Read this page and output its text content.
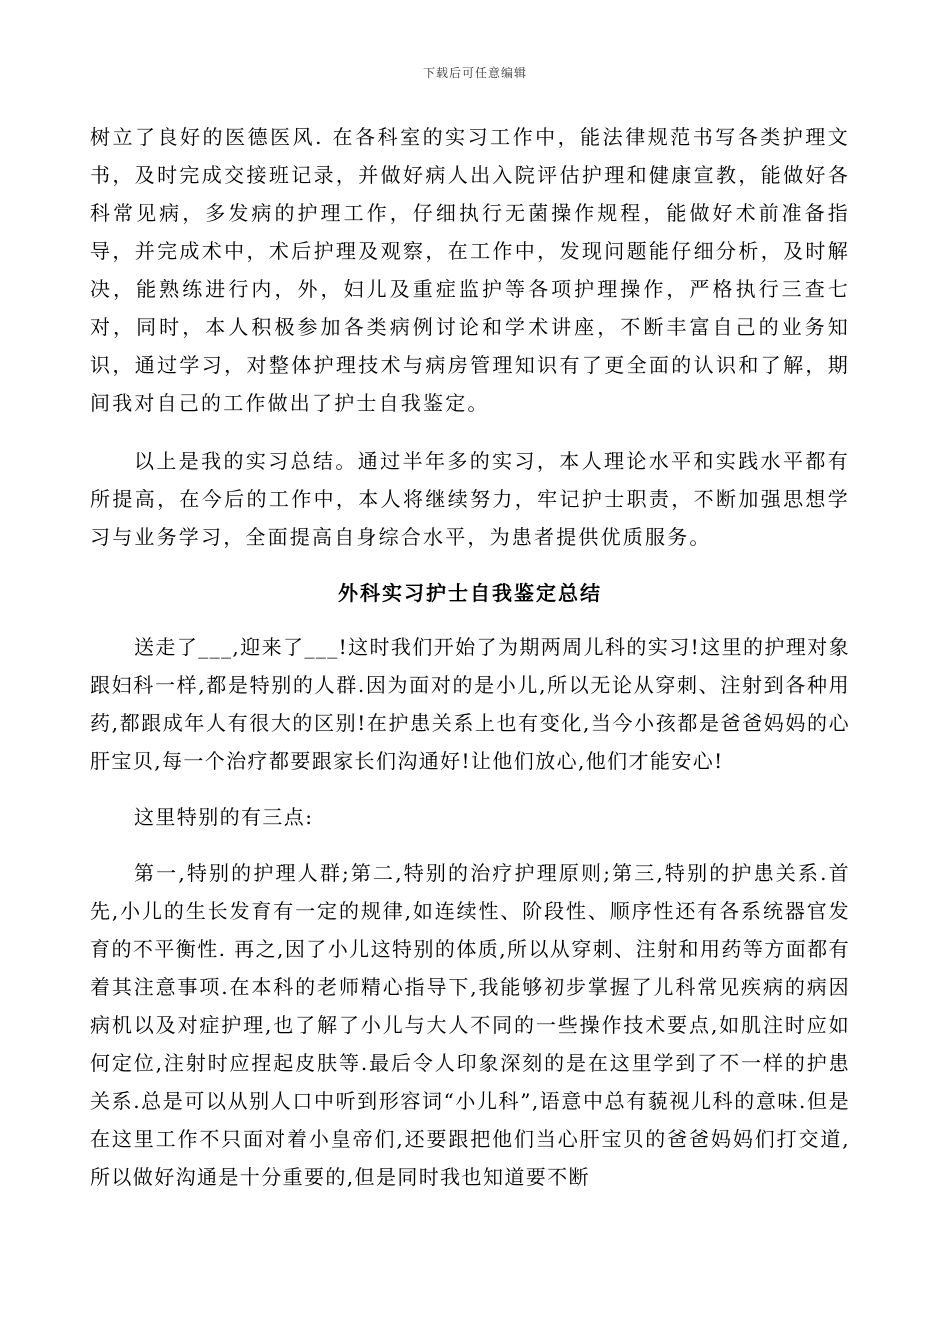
下载后可任意编辑

树立了良好的医德医风. 在各科室的实习工作中，能法律规范书写各类护理文书，及时完成交接班记录，并做好病人出入院评估护理和健康宣教，能做好各科常见病，多发病的护理工作，仔细执行无菌操作规程，能做好术前准备指导，并完成术中，术后护理及观察，在工作中，发现问题能仔细分析，及时解决，能熟练进行内，外，妇儿及重症监护等各项护理操作，严格执行三查七对，同时，本人积极参加各类病例讨论和学术讲座，不断丰富自己的业务知识，通过学习，对整体护理技术与病房管理知识有了更全面的认识和了解，期间我对自己的工作做出了护士自我鉴定。

以上是我的实习总结。通过半年多的实习，本人理论水平和实践水平都有所提高，在今后的工作中，本人将继续努力，牢记护士职责，不断加强思想学习与业务学习，全面提高自身综合水平，为患者提供优质服务。

外科实习护士自我鉴定总结

送走了___,迎来了___!这时我们开始了为期两周儿科的实习!这里的护理对象跟妇科一样,都是特别的人群.因为面对的是小儿,所以无论从穿刺、注射到各种用药,都跟成年人有很大的区别!在护患关系上也有变化,当今小孩都是爸爸妈妈的心肝宝贝,每一个治疗都要跟家长们沟通好!让他们放心,他们才能安心!

这里特别的有三点:

第一,特别的护理人群;第二,特别的治疗护理原则;第三,特别的护患关系.首先,小儿的生长发育有一定的规律,如连续性、阶段性、顺序性还有各系统器官发育的不平衡性. 再之,因了小儿这特别的体质,所以从穿刺、注射和用药等方面都有着其注意事项.在本科的老师精心指导下,我能够初步掌握了儿科常见疾病的病因病机以及对症护理,也了解了小儿与大人不同的一些操作技术要点,如肌注时应如何定位,注射时应捏起皮肤等.最后令人印象深刻的是在这里学到了不一样的护患关系.总是可以从别人口中听到形容词“小儿科”,语意中总有藐视儿科的意味.但是在这里工作不只面对着小皇帝们,还要跟把他们当心肝宝贝的爸爸妈妈们打交道,所以做好沟通是十分重要的,但是同时我也知道要不断
